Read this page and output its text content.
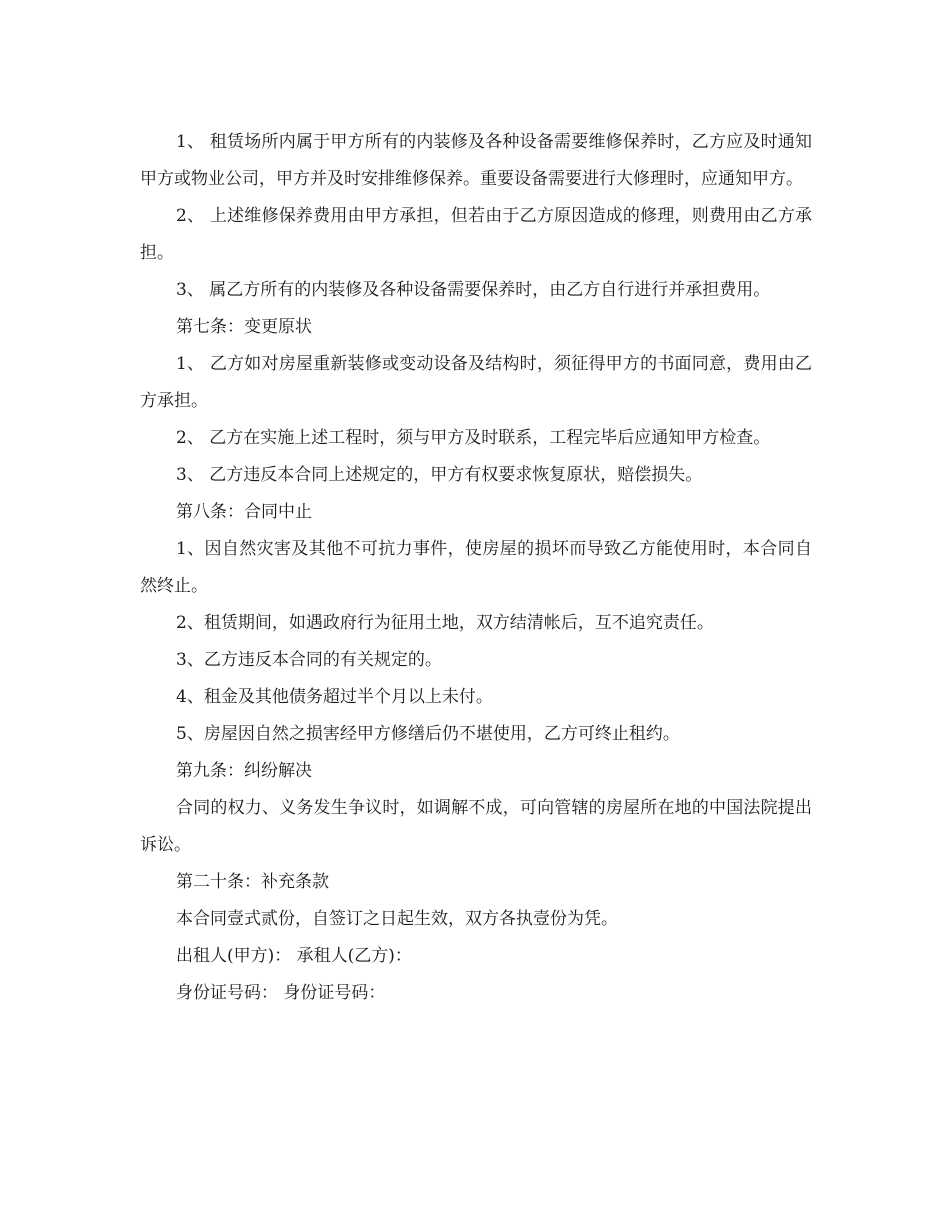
1、 租赁场所内属于甲方所有的内装修及各种设备需要维修保养时，乙方应及时通知甲方或物业公司，甲方并及时安排维修保养。重要设备需要进行大修理时，应通知甲方。

2、 上述维修保养费用由甲方承担，但若由于乙方原因造成的修理，则费用由乙方承担。

3、 属乙方所有的内装修及各种设备需要保养时，由乙方自行进行并承担费用。

第七条：变更原状

1、 乙方如对房屋重新装修或变动设备及结构时，须征得甲方的书面同意，费用由乙方承担。

2、 乙方在实施上述工程时，须与甲方及时联系，工程完毕后应通知甲方检查。

3、 乙方违反本合同上述规定的，甲方有权要求恢复原状，赔偿损失。

第八条：合同中止

1、因自然灾害及其他不可抗力事件，使房屋的损坏而导致乙方能使用时，本合同自然终止。

2、租赁期间，如遇政府行为征用土地，双方结清帐后，互不追究责任。

3、乙方违反本合同的有关规定的。

4、租金及其他债务超过半个月以上未付。

5、房屋因自然之损害经甲方修缮后仍不堪使用，乙方可终止租约。

第九条：纠纷解决

合同的权力、义务发生争议时，如调解不成，可向管辖的房屋所在地的中国法院提出诉讼。

第二十条：补充条款

本合同壹式贰份，自签订之日起生效，双方各执壹份为凭。

出租人(甲方)： 承租人(乙方)：

身份证号码： 身份证号码：
